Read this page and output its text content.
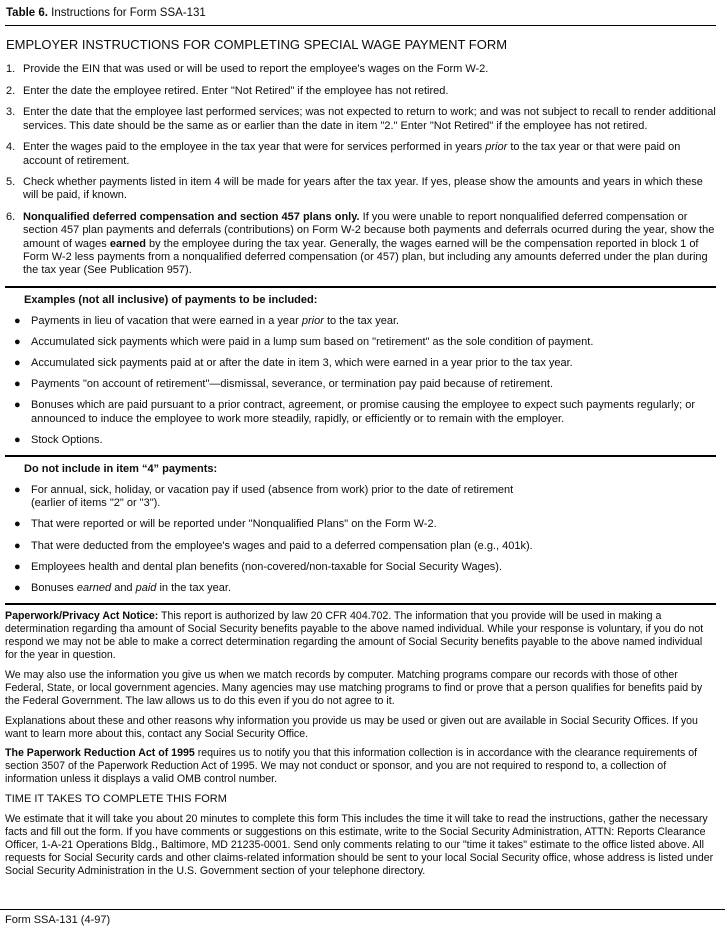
Table 6. Instructions for Form SSA-131
EMPLOYER INSTRUCTIONS FOR COMPLETING SPECIAL WAGE PAYMENT FORM
1. Provide the EIN that was used or will be used to report the employee's wages on the Form W-2.
2. Enter the date the employee retired. Enter "Not Retired" if the employee has not retired.
3. Enter the date that the employee last performed services; was not expected to return to work; and was not subject to recall to render additional services. This date should be the same as or earlier than the date in item "2." Enter "Not Retired" if the employee has not retired.
4. Enter the wages paid to the employee in the tax year that were for services performed in years prior to the tax year or that were paid on account of retirement.
5. Check whether payments listed in item 4 will be made for years after the tax year. If yes, please show the amounts and years in which these will be paid, if known.
6. Nonqualified deferred compensation and section 457 plans only. If you were unable to report nonqualified deferred compensation or section 457 plan payments and deferrals (contributions) on Form W-2 because both payments and deferrals ocurred during the year, show the amount of wages earned by the employee during the tax year. Generally, the wages earned will be the compensation reported in block 1 of Form W-2 less payments from a nonqualified deferred compensation (or 457) plan, but including any amounts deferred under the plan during the tax year (See Publication 957).
Examples (not all inclusive) of payments to be included:
● Payments in lieu of vacation that were earned in a year prior to the tax year.
● Accumulated sick payments which were paid in a lump sum based on "retirement" as the sole condition of payment.
● Accumulated sick payments paid at or after the date in item 3, which were earned in a year prior to the tax year.
● Payments "on account of retirement"—dismissal, severance, or termination pay paid because of retirement.
● Bonuses which are paid pursuant to a prior contract, agreement, or promise causing the employee to expect such payments regularly; or announced to induce the employee to work more steadily, rapidly, or efficiently or to remain with the employer.
● Stock Options.
Do not include in item “4” payments:
● For annual, sick, holiday, or vacation pay if used (absence from work) prior to the date of retirement
(earlier of items "2" or "3").
● That were reported or will be reported under "Nonqualified Plans" on the Form W-2.
● That were deducted from the employee's wages and paid to a deferred compensation plan (e.g., 401k).
● Employees health and dental plan benefits (non-covered/non-taxable for Social Security Wages).
● Bonuses earned and paid in the tax year.

Paperwork/Privacy Act Notice: This report is authorized by law 20 CFR 404.702. The information that you provide will be used in making a determination regarding tha amount of Social Security benefits payable to the above named individual. While your response is voluntary, if you do not respond we may not be able to make a correct determination regarding the amount of Social Security benefits payable to the above named individual for the year in question.

We may also use the information you give us when we match records by computer. Matching programs compare our records with those of other Federal, State, or local government agencies. Many agencies may use matching programs to find or prove that a person qualifies for benefits paid by the Federal Government. The law allows us to do this even if you do not agree to it.

Explanations about these and other reasons why information you provide us may be used or given out are available in Social Security Offices. If you want to learn more about this, contact any Social Security Office.

The Paperwork Reduction Act of 1995 requires us to notify you that this information collection is in accordance with the clearance requirements of section 3507 of the Paperwork Reduction Act of 1995. We may not conduct or sponsor, and you are not required to respond to, a collection of information unless it displays a valid OMB control number.

TIME IT TAKES TO COMPLETE THIS FORM

We estimate that it will take you about 20 minutes to complete this form This includes the time it will take to read the instructions, gather the necessary facts and fill out the form. If you have comments or suggestions on this estimate, write to the Social Security Administration, ATTN: Reports Clearance Officer, 1-A-21 Operations Bldg., Baltimore, MD 21235-0001. Send only comments relating to our "time it takes" estimate to the office listed above. All requests for Social Security cards and other claims-related information should be sent to your local Social Security office, whose address is listed under Social Security Administration in the U.S. Government section of your telephone directory.

Form SSA-131 (4-97)
